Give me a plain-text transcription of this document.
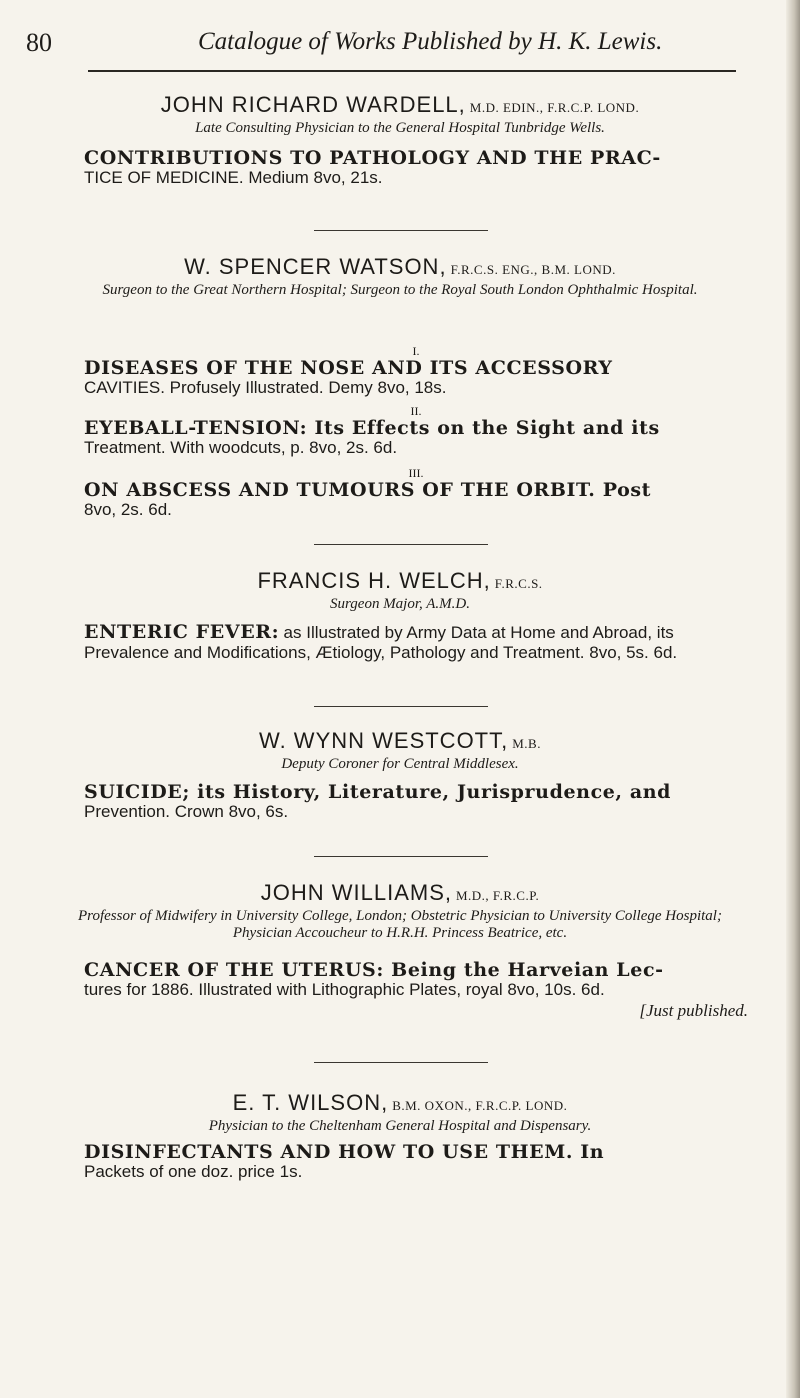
80	Catalogue of Works Published by H. K. Lewis.
JOHN RICHARD WARDELL, M.D. EDIN., F.R.C.P. LOND.
Late Consulting Physician to the General Hospital Tunbridge Wells.
CONTRIBUTIONS TO PATHOLOGY AND THE PRAC-
TICE OF MEDICINE. Medium 8vo, 21s.
W. SPENCER WATSON, F.R.C.S. ENG., B.M. LOND.
Surgeon to the Great Northern Hospital; Surgeon to the Royal South London Ophthalmic Hospital.
I.
DISEASES OF THE NOSE AND ITS ACCESSORY
CAVITIES. Profusely Illustrated. Demy 8vo, 18s.
II.
EYEBALL-TENSION: Its Effects on the Sight and its
Treatment. With woodcuts, p. 8vo, 2s. 6d.
III.
ON ABSCESS AND TUMOURS OF THE ORBIT. Post
8vo, 2s. 6d.
FRANCIS H. WELCH, F.R.C.S.
Surgeon Major, A.M.D.
ENTERIC FEVER: as Illustrated by Army Data at Home and Abroad, its Prevalence and Modifications, Ætiology, Pathology and Treatment. 8vo, 5s. 6d.
W. WYNN WESTCOTT, M.B.
Deputy Coroner for Central Middlesex.
SUICIDE; its History, Literature, Jurisprudence, and
Prevention. Crown 8vo, 6s.
JOHN WILLIAMS, M.D., F.R.C.P.
Professor of Midwifery in University College, London; Obstetric Physician to University College Hospital; Physician Accoucheur to H.R.H. Princess Beatrice, etc.
CANCER OF THE UTERUS: Being the Harveian Lec-
tures for 1886. Illustrated with Lithographic Plates, royal 8vo, 10s. 6d.
[Just published.
E. T. WILSON, B.M. OXON., F.R.C.P. LOND.
Physician to the Cheltenham General Hospital and Dispensary.
DISINFECTANTS AND HOW TO USE THEM. In
Packets of one doz. price 1s.
